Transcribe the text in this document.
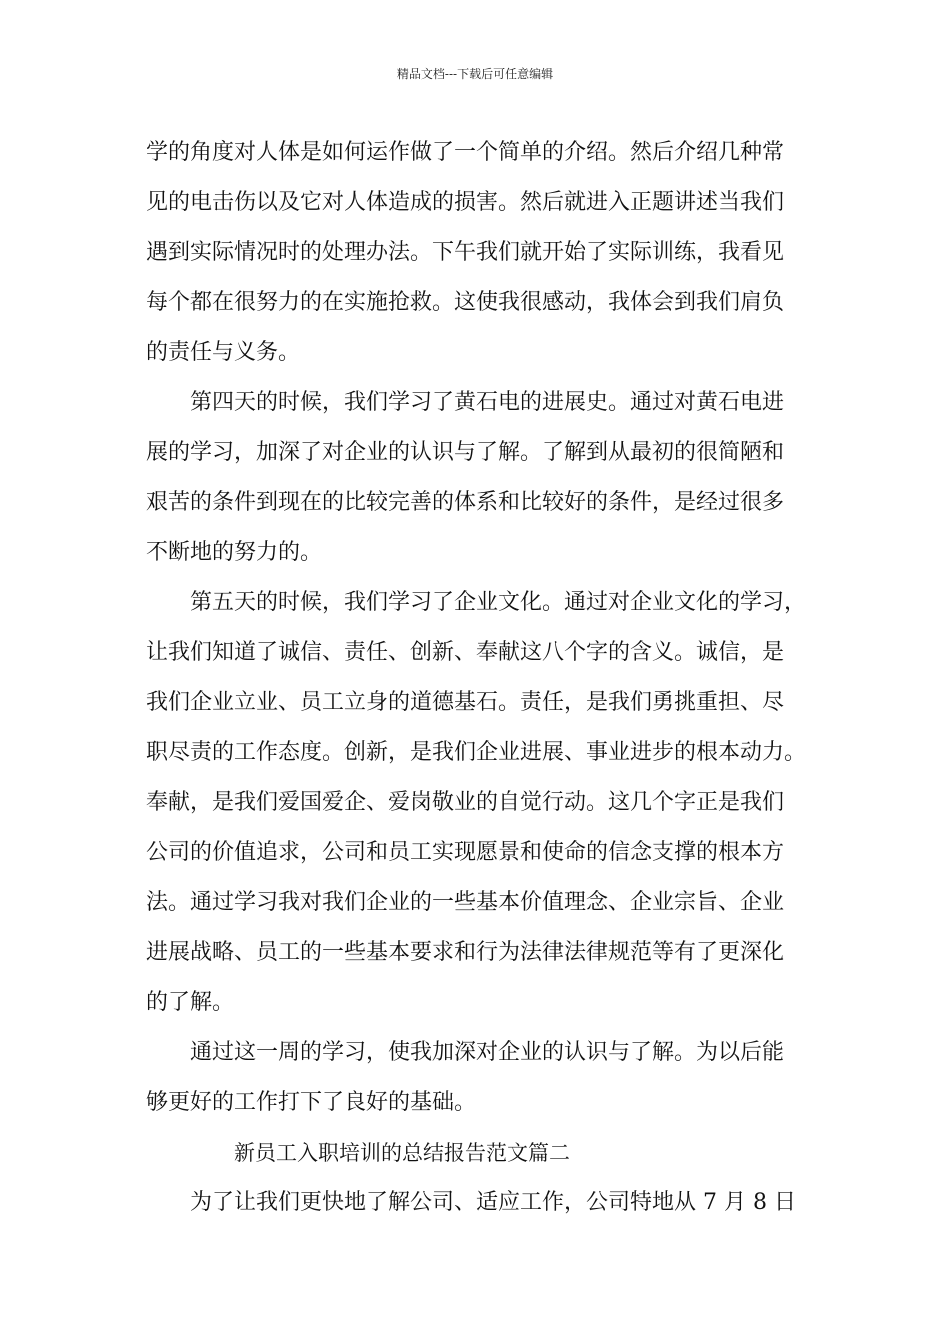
精品文档---下载后可任意编辑
学的角度对人体是如何运作做了一个简单的介绍。然后介绍几种常
见的电击伤以及它对人体造成的损害。然后就进入正题讲述当我们
遇到实际情况时的处理办法。下午我们就开始了实际训练，我看见
每个都在很努力的在实施抢救。这使我很感动，我体会到我们肩负
的责任与义务。
第四天的时候，我们学习了黄石电的进展史。通过对黄石电进
展的学习，加深了对企业的认识与了解。了解到从最初的很简陋和
艰苦的条件到现在的比较完善的体系和比较好的条件，是经过很多
不断地的努力的。
第五天的时候，我们学习了企业文化。通过对企业文化的学习，
让我们知道了诚信、责任、创新、奉献这八个字的含义。诚信，是
我们企业立业、员工立身的道德基石。责任，是我们勇挑重担、尽
职尽责的工作态度。创新，是我们企业进展、事业进步的根本动力。
奉献，是我们爱国爱企、爱岗敬业的自觉行动。这几个字正是我们
公司的价值追求，公司和员工实现愿景和使命的信念支撑的根本方
法。通过学习我对我们企业的一些基本价值理念、企业宗旨、企业
进展战略、员工的一些基本要求和行为法律法律规范等有了更深化
的了解。
通过这一周的学习，使我加深对企业的认识与了解。为以后能
够更好的工作打下了良好的基础。
新员工入职培训的总结报告范文篇二
为了让我们更快地了解公司、适应工作，公司特地从 7 月 8 日
